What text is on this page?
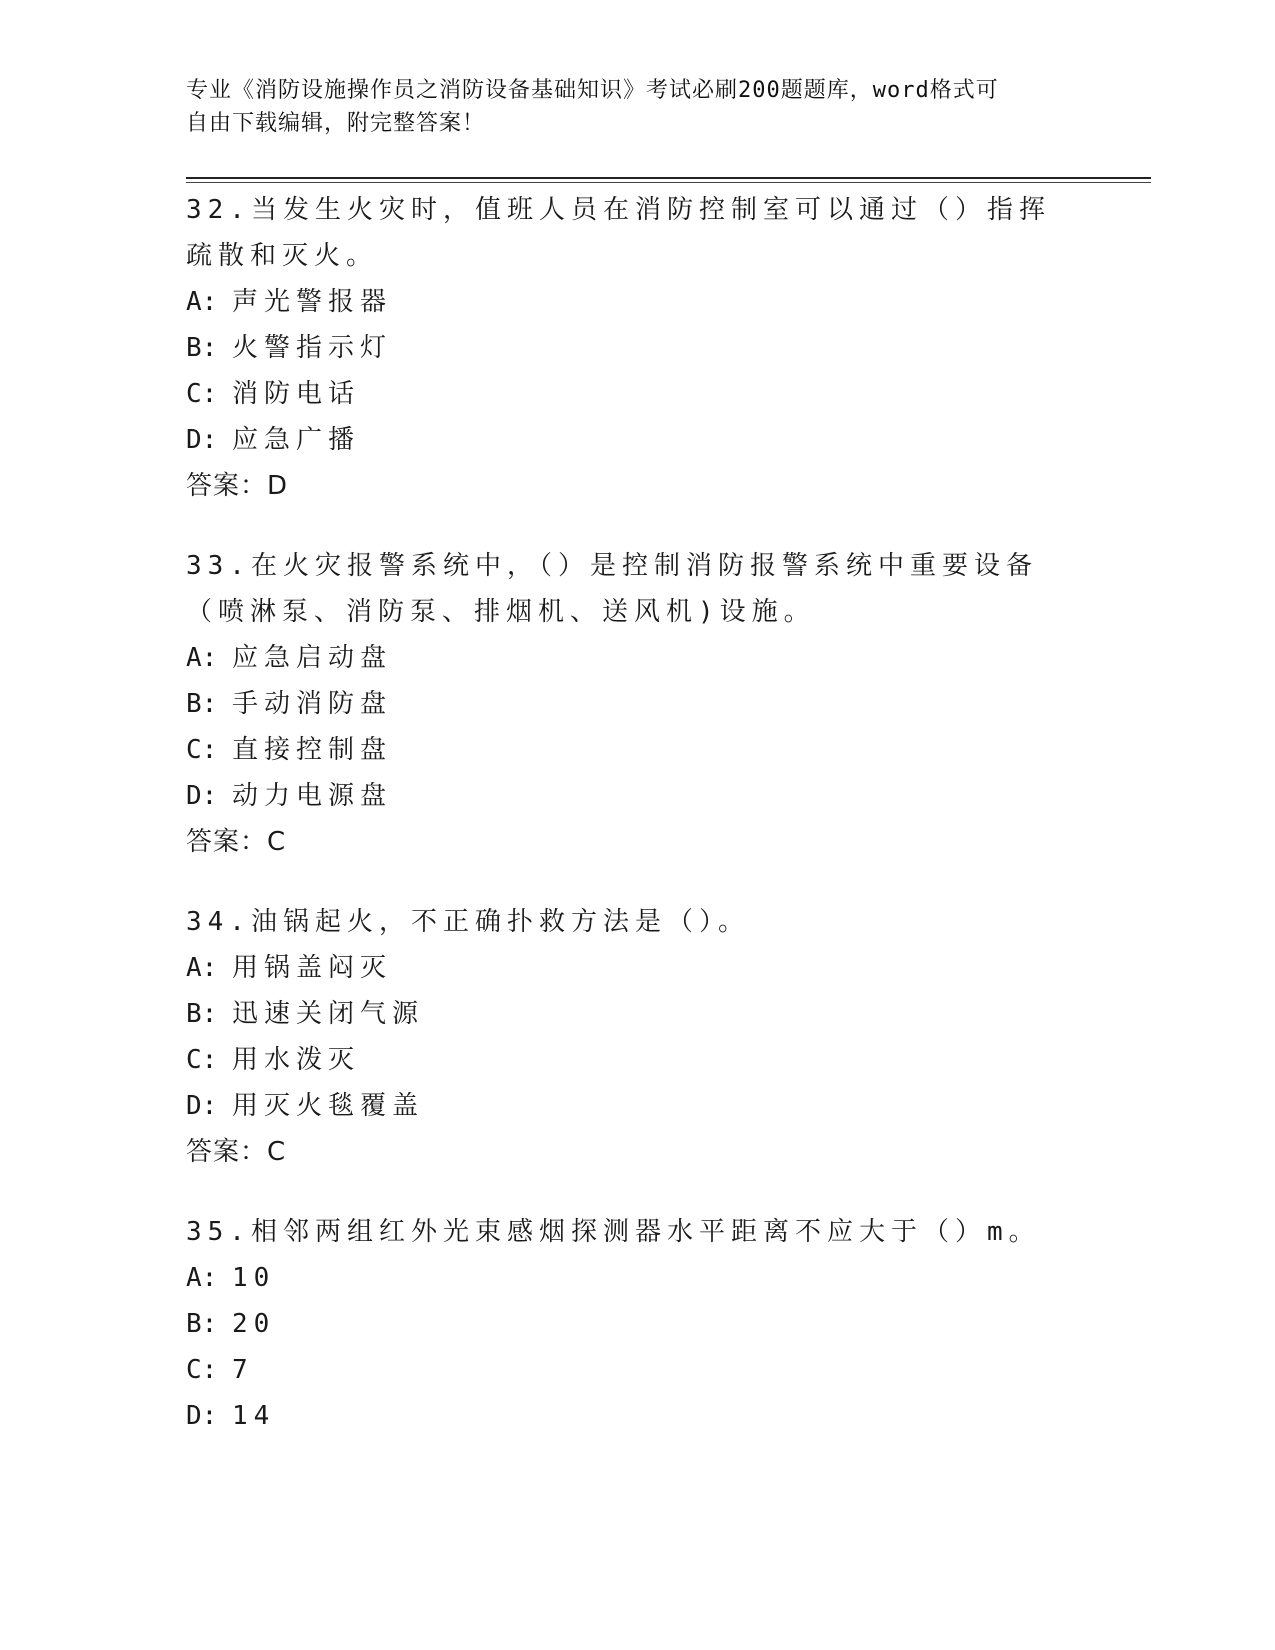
专业《消防设施操作员之消防设备基础知识》考试必刷200题题库，word格式可
自由下载编辑，附完整答案！
32.当发生火灾时，值班人员在消防控制室可以通过（）指挥疏散和灭火。
A: 声光警报器
B: 火警指示灯
C: 消防电话
D: 应急广播
答案：D
33.在火灾报警系统中，（）是控制消防报警系统中重要设备（喷淋泵、消防泵、排烟机、送风机)设施。
A: 应急启动盘
B: 手动消防盘
C: 直接控制盘
D: 动力电源盘
答案：C
34.油锅起火，不正确扑救方法是（）。
A: 用锅盖闷灭
B: 迅速关闭气源
C: 用水泼灭
D: 用灭火毯覆盖
答案：C
35.相邻两组红外光束感烟探测器水平距离不应大于（）m。
A: 10
B: 20
C: 7
D: 14
